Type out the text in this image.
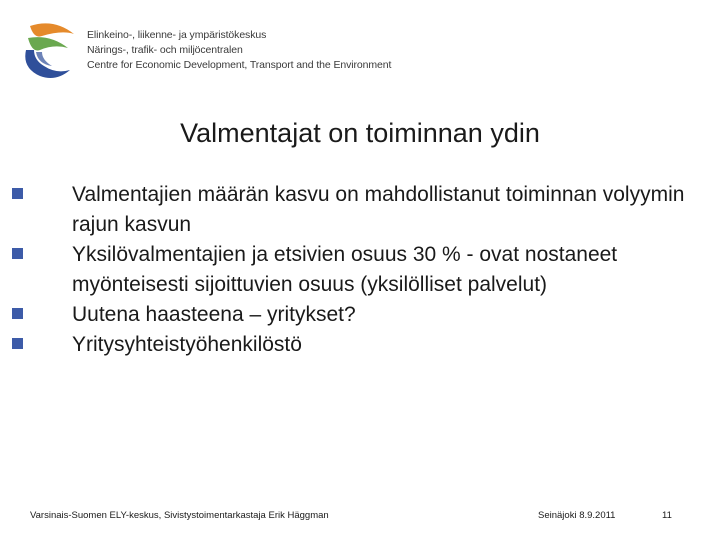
Elinkeino-, liikenne- ja ympäristökeskus
Närings-, trafik- och miljöcentralen
Centre for Economic Development, Transport and the Environment
Valmentajat on toiminnan ydin
Valmentajien määrän kasvu on mahdollistanut toiminnan volyymin rajun kasvun
Yksilövalmentajien ja etsivien osuus 30 % - ovat nostaneet myönteisesti sijoittuvien osuus (yksilölliset palvelut)
Uutena haasteena – yritykset?
Yritysyhteistyöhenkilöstö
Varsinais-Suomen ELY-keskus, Sivistystoimentarkastaja Erik Häggman	Seinäjoki 8.9.2011	11
